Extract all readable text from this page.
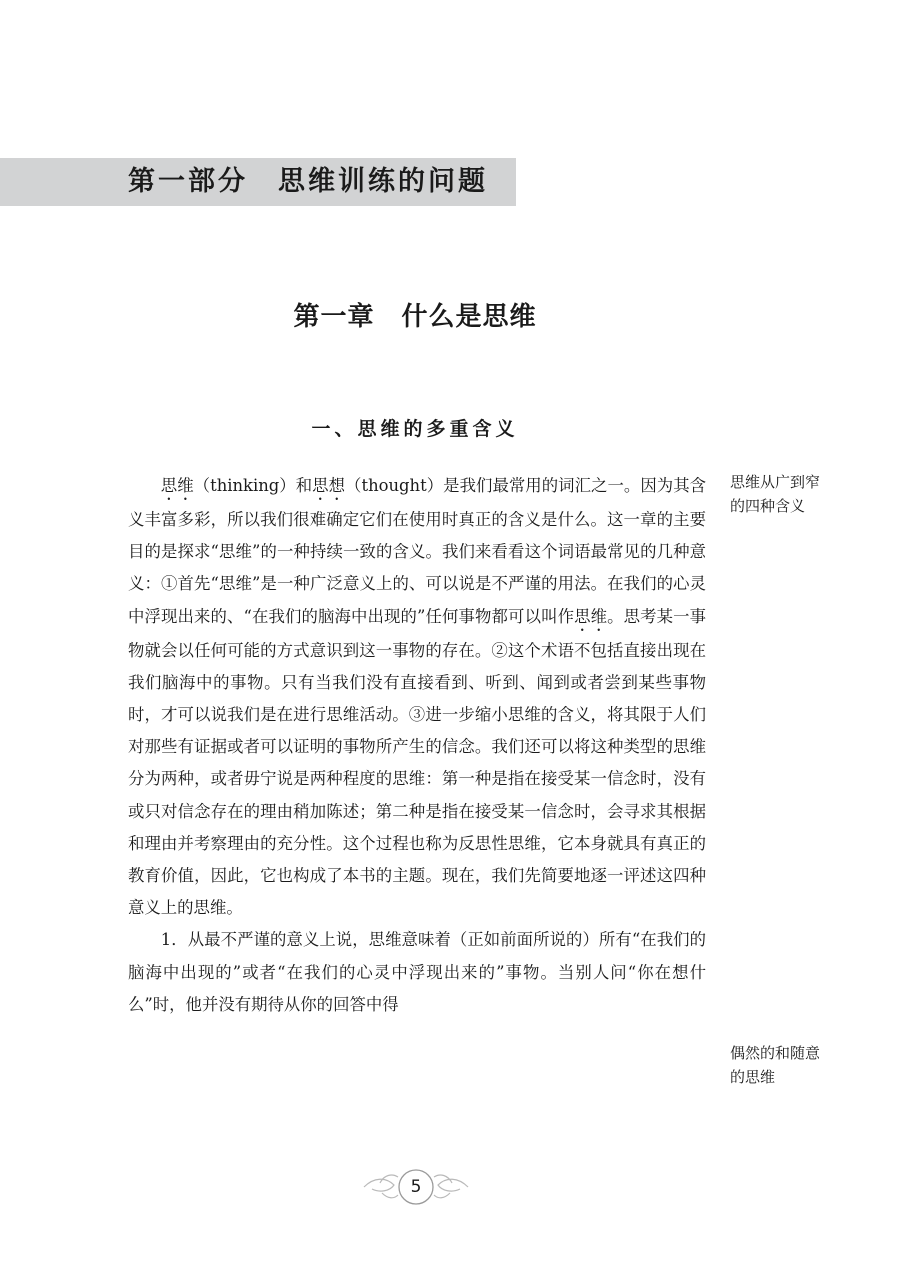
第一部分　思维训练的问题
第一章　什么是思维
一、思维的多重含义

思维（thinking）和思想（thought）是我们最常用的词汇之一。因为其含义丰富多彩，所以我们很难确定它们在使用时真正的含义是什么。这一章的主要目的是探求“思维”的一种持续一致的含义。我们来看看这个词语最常见的几种意义：①首先“思维”是一种广泛意义上的、可以说是不严谨的用法。在我们的心灵中浮现出来的、“在我们的脑海中出现的”任何事物都可以叫作思维。思考某一事物就会以任何可能的方式意识到这一事物的存在。②这个术语不包括直接出现在我们脑海中的事物。只有当我们没有直接看到、听到、闻到或者尝到某些事物时，才可以说我们是在进行思维活动。③进一步缩小思维的含义，将其限于人们对那些有证据或者可以证明的事物所产生的信念。我们还可以将这种类型的思维分为两种，或者毋宁说是两种程度的思维：第一种是指在接受某一信念时，没有或只对信念存在的理由稍加陈述；第二种是指在接受某一信念时，会寻求其根据和理由并考察理由的充分性。这个过程也称为反思性思维，它本身就具有真正的教育价值，因此，它也构成了本书的主题。现在，我们先简要地逐一评述这四种意义上的思维。

1．从最不严谨的意义上说，思维意味着（正如前面所说的）所有“在我们的脑海中出现的”或者“在我们的心灵中浮现出来的”事物。当别人问“你在想什么”时，他并没有期待从你的回答中得

思维从广到窄的四种含义
偶然的和随意的思维
5
